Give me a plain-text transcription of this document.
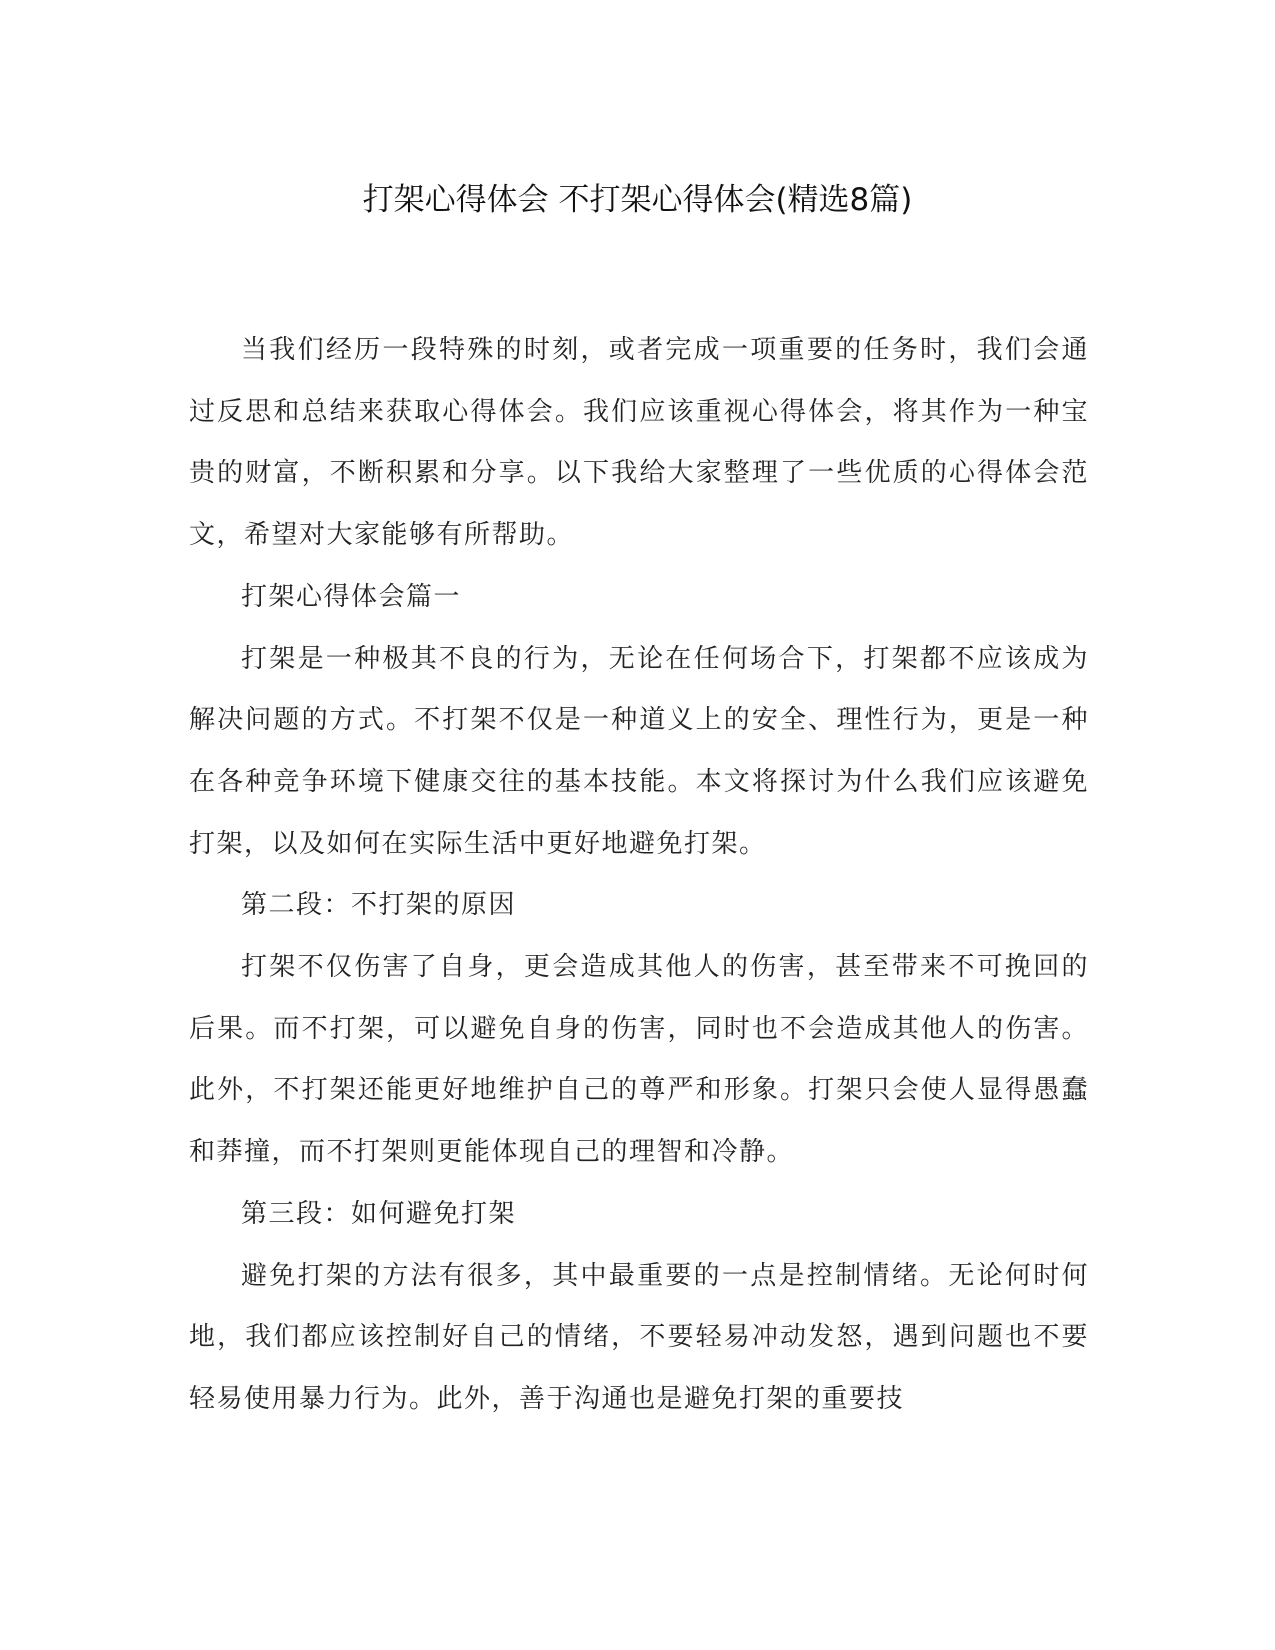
打架心得体会 不打架心得体会(精选8篇)

当我们经历一段特殊的时刻，或者完成一项重要的任务时，我们会通过反思和总结来获取心得体会。我们应该重视心得体会，将其作为一种宝贵的财富，不断积累和分享。以下我给大家整理了一些优质的心得体会范文，希望对大家能够有所帮助。

打架心得体会篇一

打架是一种极其不良的行为，无论在任何场合下，打架都不应该成为解决问题的方式。不打架不仅是一种道义上的安全、理性行为，更是一种在各种竞争环境下健康交往的基本技能。本文将探讨为什么我们应该避免打架，以及如何在实际生活中更好地避免打架。

第二段：不打架的原因

打架不仅伤害了自身，更会造成其他人的伤害，甚至带来不可挽回的后果。而不打架，可以避免自身的伤害，同时也不会造成其他人的伤害。此外，不打架还能更好地维护自己的尊严和形象。打架只会使人显得愚蠢和莽撞，而不打架则更能体现自己的理智和冷静。

第三段：如何避免打架

避免打架的方法有很多，其中最重要的一点是控制情绪。无论何时何地，我们都应该控制好自己的情绪，不要轻易冲动发怒，遇到问题也不要轻易使用暴力行为。此外，善于沟通也是避免打架的重要技
